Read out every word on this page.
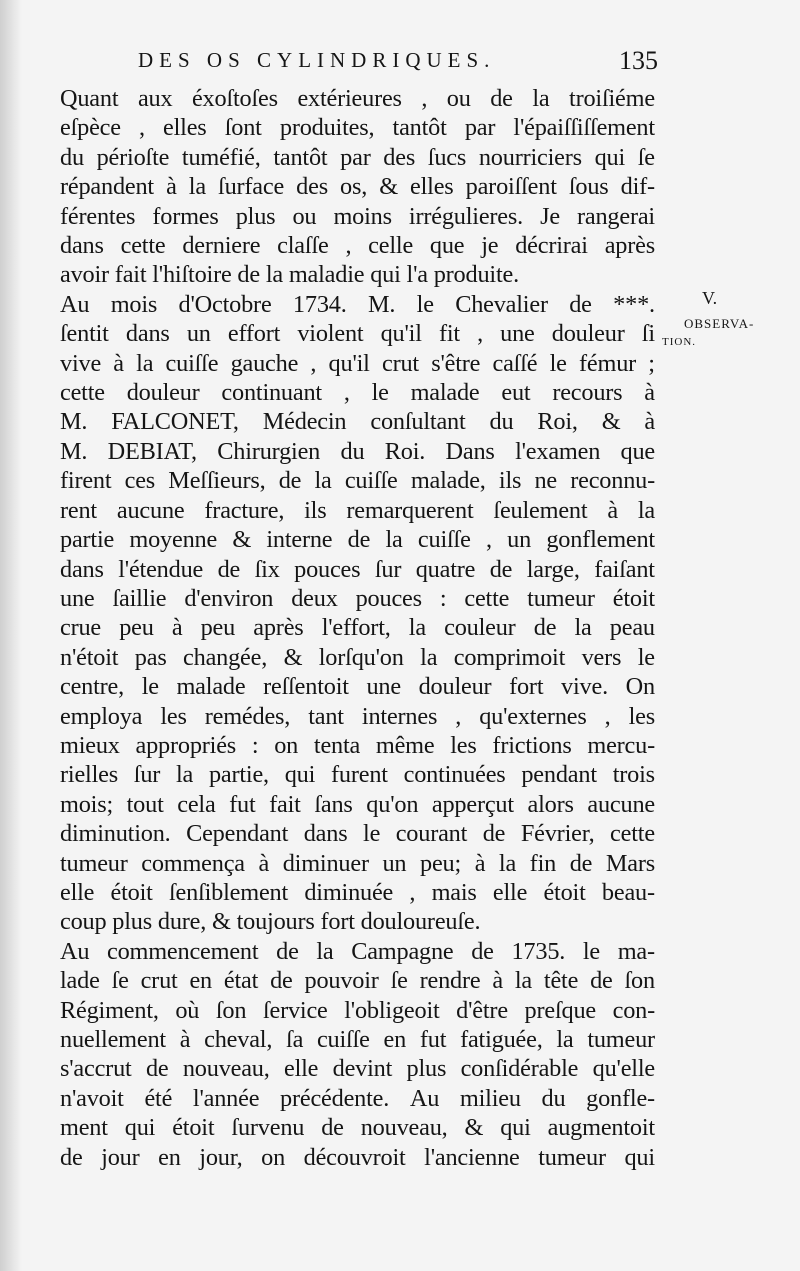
DES OS CYLINDRIQUES.	135
Quant aux éxoſtoſes extérieures , ou de la troiſiéme
eſpèce , elles ſont produites, tantôt par l'épaiſſiſſement
du périoſte tuméfié, tantôt par des ſucs nourriciers qui ſe
répandent à la ſurface des os, & elles paroiſſent ſous dif-
férentes formes plus ou moins irrégulieres. Je rangerai
dans cette derniere claſſe , celle que je décrirai après
avoir fait l'hiſtoire de la maladie qui l'a produite.
Au mois d'Octobre 1734. M. le Chevalier de ***.
ſentit dans un effort violent qu'il fit , une douleur ſi
vive à la cuiſſe gauche , qu'il crut s'être caſſé le fémur ;
cette douleur continuant , le malade eut recours à
M. FALCONET, Médecin conſultant du Roi, & à
M. DEBIAT, Chirurgien du Roi. Dans l'examen que
firent ces Meſſieurs, de la cuiſſe malade, ils ne reconnu-
rent aucune fracture, ils remarquerent ſeulement à la
partie moyenne & interne de la cuiſſe , un gonflement
dans l'étendue de ſix pouces ſur quatre de large, faiſant
une ſaillie d'environ deux pouces : cette tumeur étoit
crue peu à peu après l'effort, la couleur de la peau
n'étoit pas changée, & lorſqu'on la comprimoit vers le
centre, le malade reſſentoit une douleur fort vive. On
employa les remédes, tant internes , qu'externes , les
mieux appropriés : on tenta même les frictions mercu-
rielles ſur la partie, qui furent continuées pendant trois
mois; tout cela fut fait ſans qu'on apperçut alors aucune
diminution. Cependant dans le courant de Février, cette
tumeur commença à diminuer un peu; à la fin de Mars
elle étoit ſenſiblement diminuée , mais elle étoit beau-
coup plus dure, & toujours fort douloureuſe.
Au commencement de la Campagne de 1735. le ma-
lade ſe crut en état de pouvoir ſe rendre à la tête de ſon
Régiment, où ſon ſervice l'obligeoit d'être preſque con-
nuellement à cheval, ſa cuiſſe en fut fatiguée, la tumeur
s'accrut de nouveau, elle devint plus conſidérable qu'elle
n'avoit été l'année précédente. Au milieu du gonfle-
ment qui étoit ſurvenu de nouveau, & qui augmentoit
de jour en jour, on découvroit l'ancienne tumeur qui
V.
OBSERVA-
TION.
